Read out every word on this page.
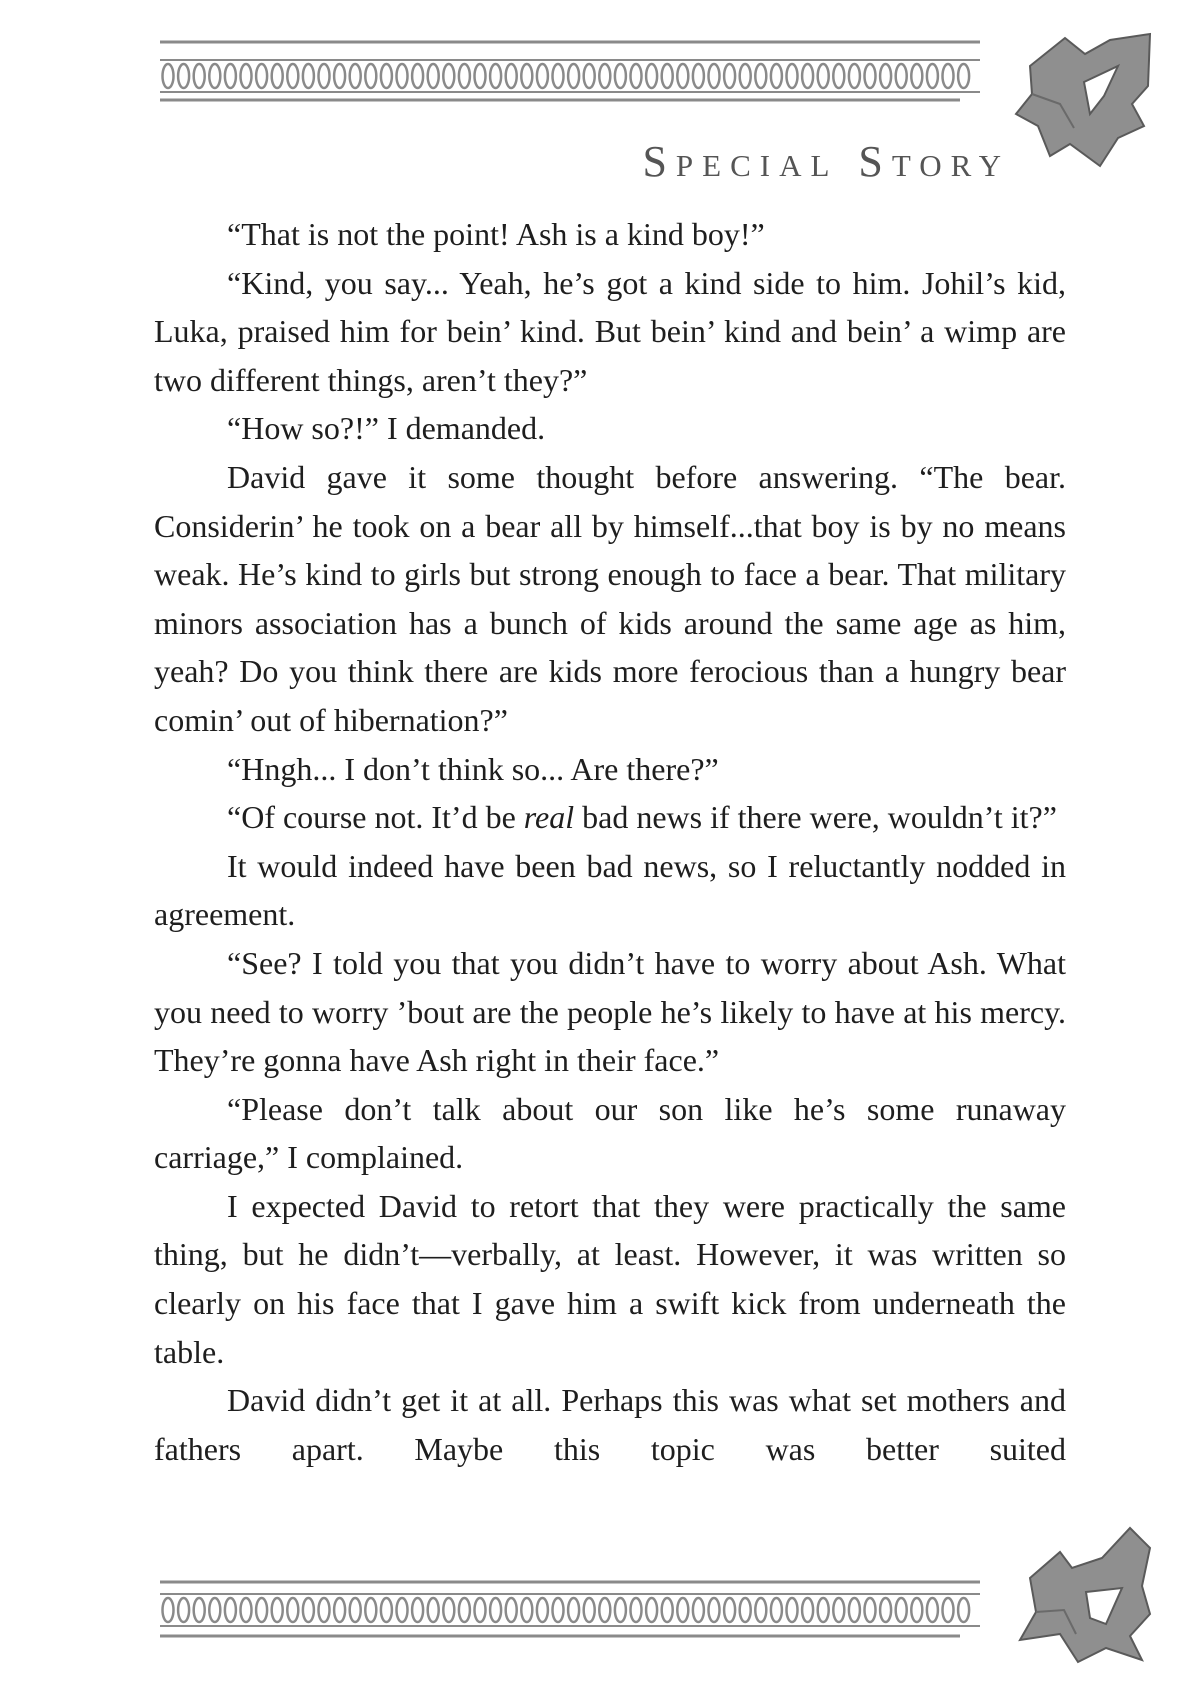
Special Story

“That is not the point! Ash is a kind boy!”

“Kind, you say... Yeah, he’s got a kind side to him. Johil’s kid, Luka, praised him for bein’ kind. But bein’ kind and bein’ a wimp are two different things, aren’t they?”

“How so?!” I demanded.

David gave it some thought before answering. “The bear. Considerin’ he took on a bear all by himself...that boy is by no means weak. He’s kind to girls but strong enough to face a bear. That military minors association has a bunch of kids around the same age as him, yeah? Do you think there are kids more ferocious than a hungry bear comin’ out of hibernation?”

“Hngh... I don’t think so... Are there?”

“Of course not. It’d be real bad news if there were, wouldn’t it?”

It would indeed have been bad news, so I reluctantly nodded in agreement.

“See? I told you that you didn’t have to worry about Ash. What you need to worry ’bout are the people he’s likely to have at his mercy. They’re gonna have Ash right in their face.”

“Please don’t talk about our son like he’s some runaway carriage,” I complained.

I expected David to retort that they were practically the same thing, but he didn’t—verbally, at least. However, it was written so clearly on his face that I gave him a swift kick from underneath the table.

David didn’t get it at all. Perhaps this was what set mothers and fathers apart. Maybe this topic was better suited
